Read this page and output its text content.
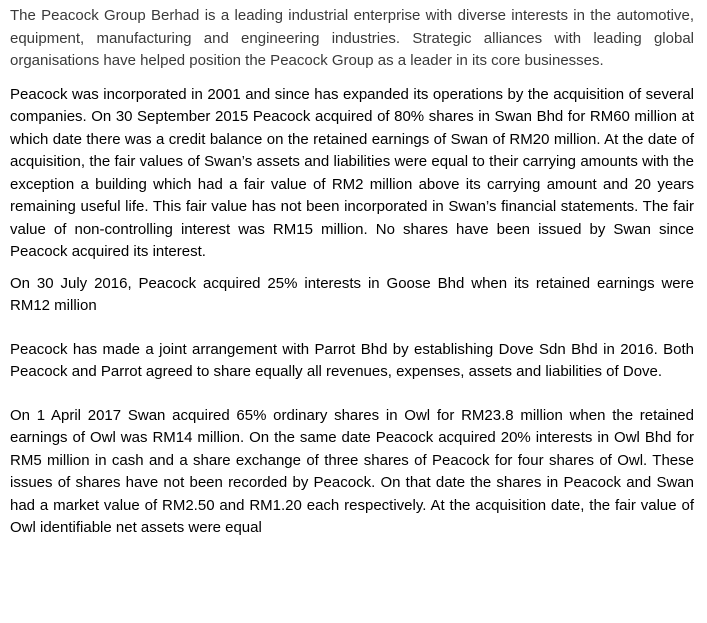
The Peacock Group Berhad is a leading industrial enterprise with diverse interests in the automotive, equipment, manufacturing and engineering industries. Strategic alliances with leading global organisations have helped position the Peacock Group as a leader in its core businesses.

Peacock was incorporated in 2001 and since has expanded its operations by the acquisition of several companies. On 30 September 2015 Peacock acquired of 80% shares in Swan Bhd for RM60 million at which date there was a credit balance on the retained earnings of Swan of RM20 million. At the date of acquisition, the fair values of Swan’s assets and liabilities were equal to their carrying amounts with the exception a building which had a fair value of RM2 million above its carrying amount and 20 years remaining useful life. This fair value has not been incorporated in Swan’s financial statements. The fair value of non-controlling interest was RM15 million. No shares have been issued by Swan since Peacock acquired its interest.

On 30 July 2016, Peacock acquired 25% interests in Goose Bhd when its retained earnings were RM12 million

Peacock has made a joint arrangement with Parrot Bhd by establishing Dove Sdn Bhd in 2016. Both Peacock and Parrot agreed to share equally all revenues, expenses, assets and liabilities of Dove.

On 1 April 2017 Swan acquired 65% ordinary shares in Owl for RM23.8 million when the retained earnings of Owl was RM14 million. On the same date Peacock acquired 20% interests in Owl Bhd for RM5 million in cash and a share exchange of three shares of Peacock for four shares of Owl. These issues of shares have not been recorded by Peacock. On that date the shares in Peacock and Swan had a market value of RM2.50 and RM1.20 each respectively. At the acquisition date, the fair value of Owl identifiable net assets were equal
